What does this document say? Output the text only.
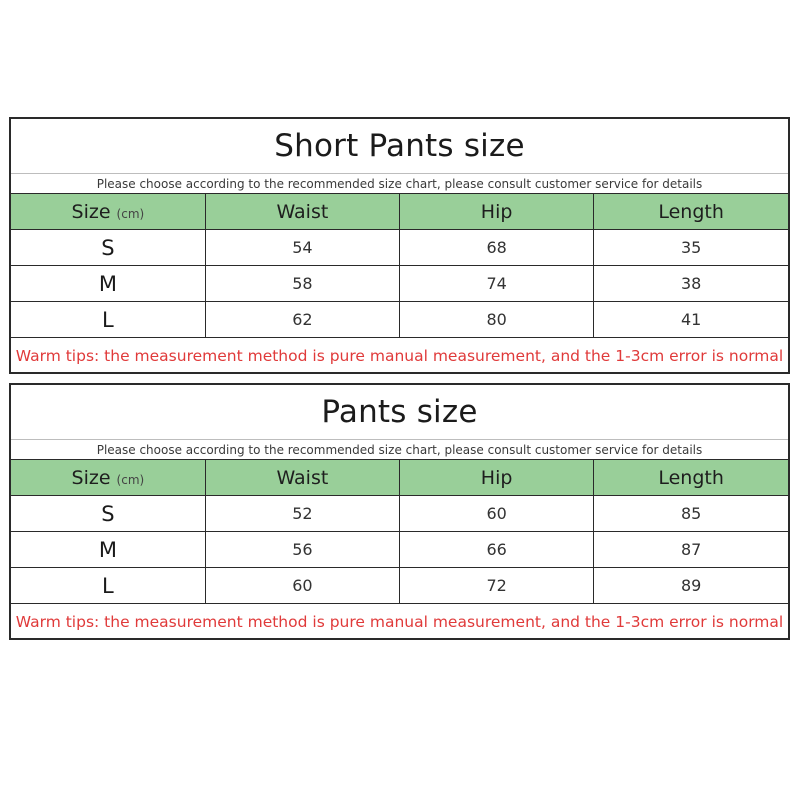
Short Pants size
Please choose according to the recommended size chart, please consult customer service for details
Size (cm)	Waist	Hip	Length
S	54	68	35
M	58	74	38
L	62	80	41
Warm tips: the measurement method is pure manual measurement, and the 1-3cm error is normal
Pants size
Please choose according to the recommended size chart, please consult customer service for details
Size (cm)	Waist	Hip	Length
S	52	60	85
M	56	66	87
L	60	72	89
Warm tips: the measurement method is pure manual measurement, and the 1-3cm error is normal
